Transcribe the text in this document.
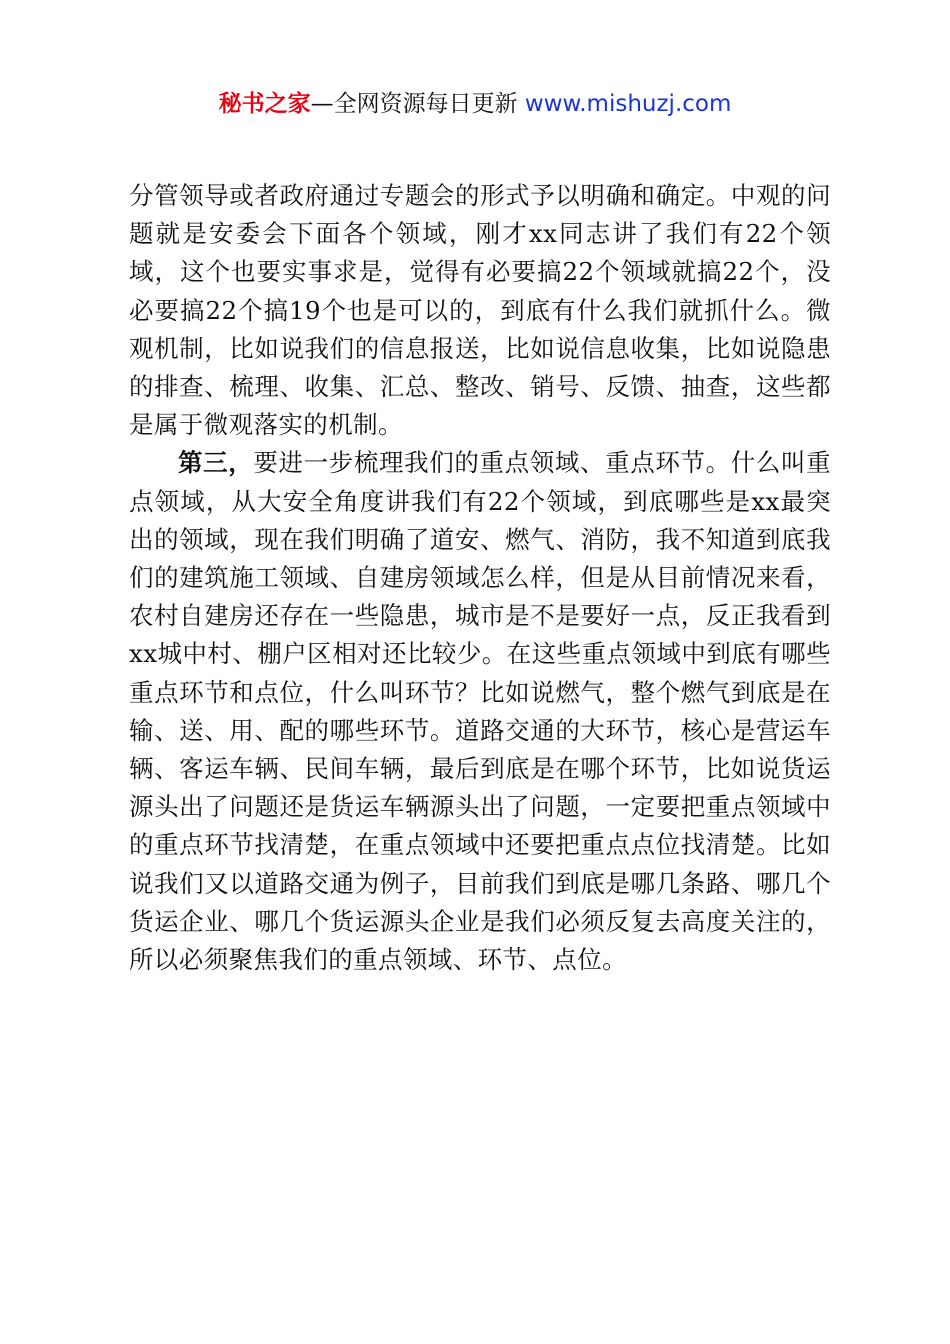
秘书之家—全网资源每日更新 www.mishuzj.com

分管领导或者政府通过专题会的形式予以明确和确定。中观的问题就是安委会下面各个领域，刚才xx同志讲了我们有22个领域，这个也要实事求是，觉得有必要搞22个领域就搞22个，没必要搞22个搞19个也是可以的，到底有什么我们就抓什么。微观机制，比如说我们的信息报送，比如说信息收集，比如说隐患的排查、梳理、收集、汇总、整改、销号、反馈、抽查，这些都是属于微观落实的机制。

第三，要进一步梳理我们的重点领域、重点环节。什么叫重点领域，从大安全角度讲我们有22个领域，到底哪些是xx最突出的领域，现在我们明确了道安、燃气、消防，我不知道到底我们的建筑施工领域、自建房领域怎么样，但是从目前情况来看，农村自建房还存在一些隐患，城市是不是要好一点，反正我看到xx城中村、棚户区相对还比较少。在这些重点领域中到底有哪些重点环节和点位，什么叫环节？比如说燃气，整个燃气到底是在输、送、用、配的哪些环节。道路交通的大环节，核心是营运车辆、客运车辆、民间车辆，最后到底是在哪个环节，比如说货运源头出了问题还是货运车辆源头出了问题，一定要把重点领域中的重点环节找清楚，在重点领域中还要把重点点位找清楚。比如说我们又以道路交通为例子，目前我们到底是哪几条路、哪几个货运企业、哪几个货运源头企业是我们必须反复去高度关注的，所以必须聚焦我们的重点领域、环节、点位。
